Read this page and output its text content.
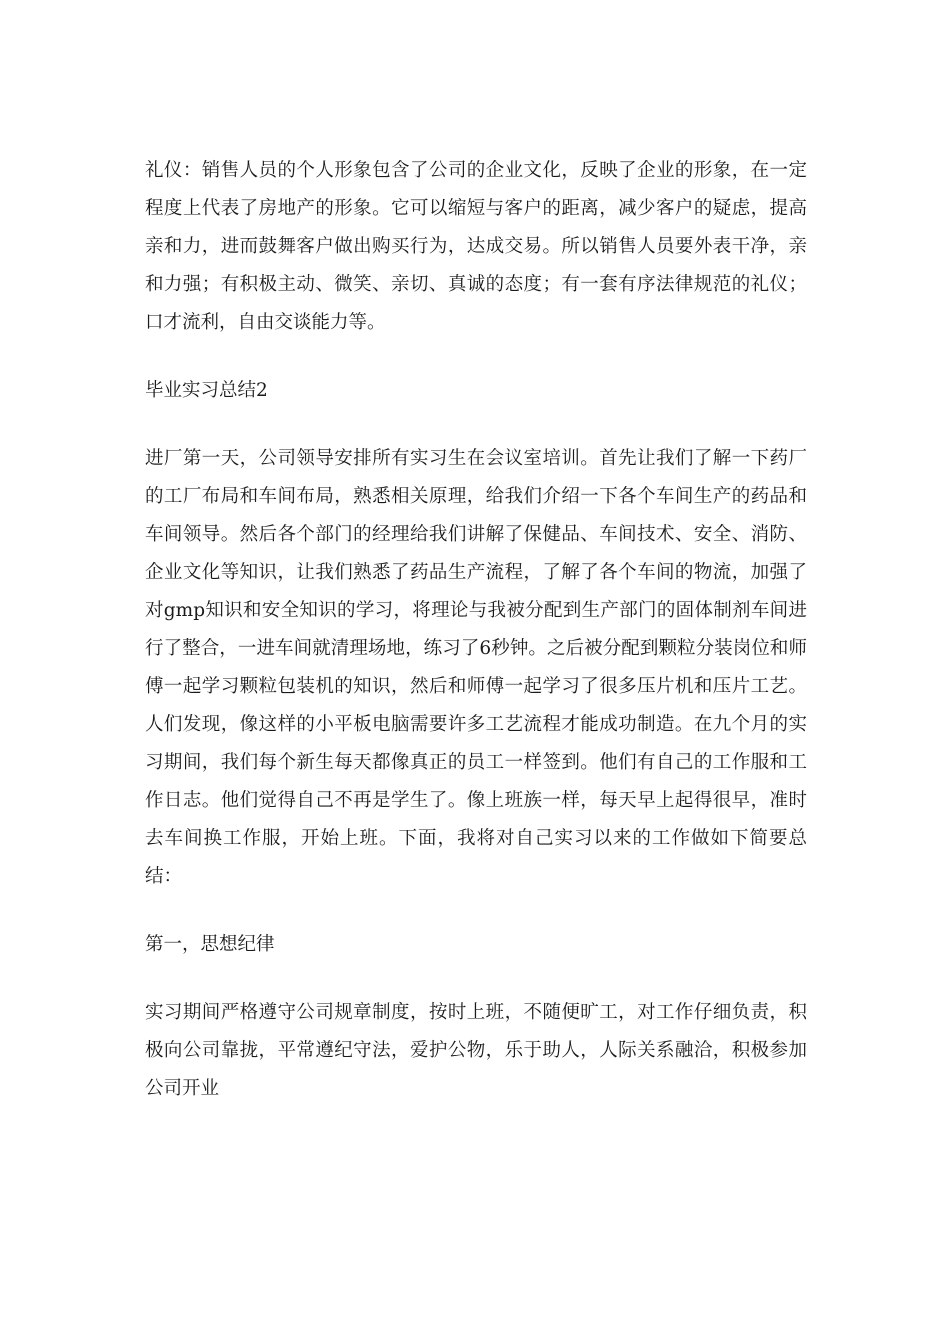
礼仪：销售人员的个人形象包含了公司的企业文化，反映了企业的形象，在一定程度上代表了房地产的形象。它可以缩短与客户的距离，减少客户的疑虑，提高亲和力，进而鼓舞客户做出购买行为，达成交易。所以销售人员要外表干净，亲和力强；有积极主动、微笑、亲切、真诚的态度；有一套有序法律规范的礼仪；口才流利，自由交谈能力等。

毕业实习总结2

进厂第一天，公司领导安排所有实习生在会议室培训。首先让我们了解一下药厂的工厂布局和车间布局，熟悉相关原理，给我们介绍一下各个车间生产的药品和车间领导。然后各个部门的经理给我们讲解了保健品、车间技术、安全、消防、企业文化等知识，让我们熟悉了药品生产流程，了解了各个车间的物流，加强了对gmp知识和安全知识的学习，将理论与我被分配到生产部门的固体制剂车间进行了整合，一进车间就清理场地，练习了6秒钟。之后被分配到颗粒分装岗位和师傅一起学习颗粒包装机的知识，然后和师傅一起学习了很多压片机和压片工艺。人们发现，像这样的小平板电脑需要许多工艺流程才能成功制造。在九个月的实习期间，我们每个新生每天都像真正的员工一样签到。他们有自己的工作服和工作日志。他们觉得自己不再是学生了。像上班族一样，每天早上起得很早，准时去车间换工作服，开始上班。下面，我将对自己实习以来的工作做如下简要总结：

第一，思想纪律

实习期间严格遵守公司规章制度，按时上班，不随便旷工，对工作仔细负责，积极向公司靠拢，平常遵纪守法，爱护公物，乐于助人，人际关系融洽，积极参加公司开业
